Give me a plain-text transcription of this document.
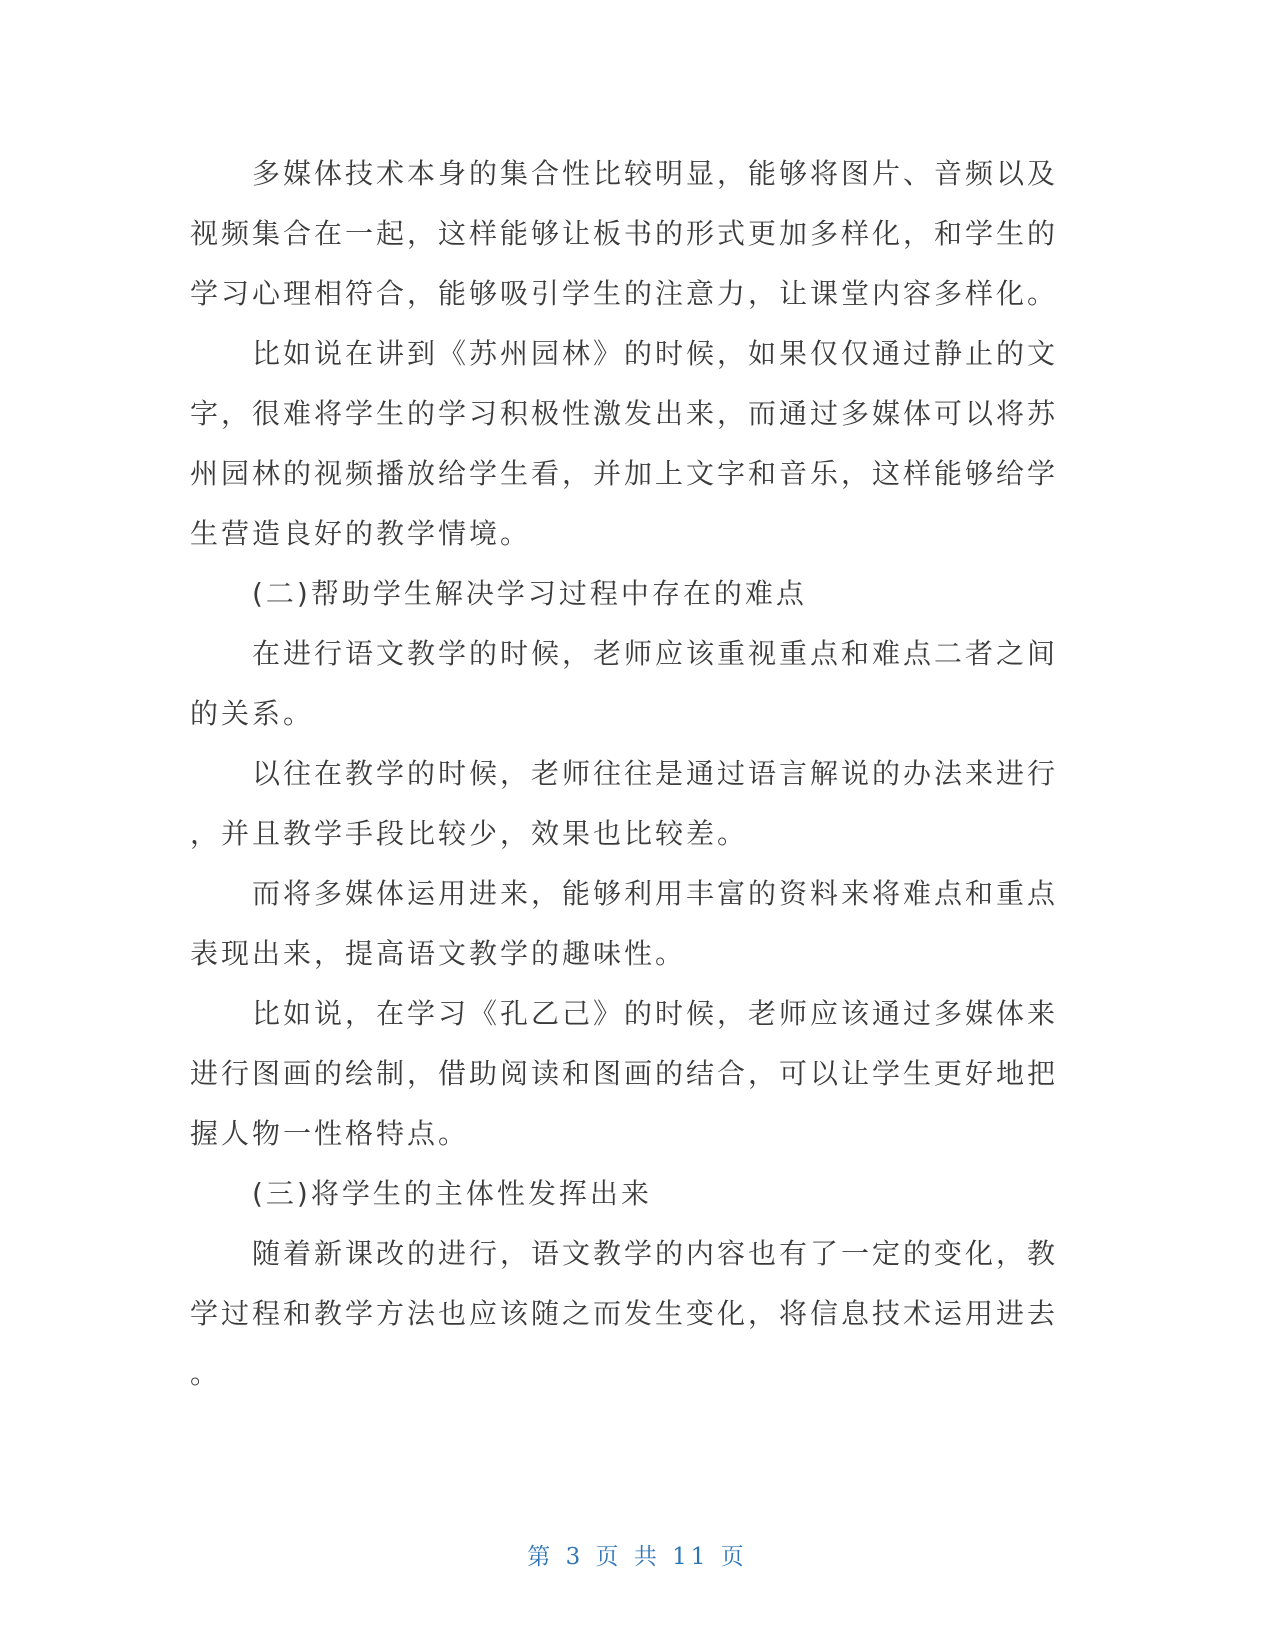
多媒体技术本身的集合性比较明显，能够将图片、音频以及
视频集合在一起，这样能够让板书的形式更加多样化，和学生的
学习心理相符合，能够吸引学生的注意力，让课堂内容多样化。

比如说在讲到《苏州园林》的时候，如果仅仅通过静止的文
字，很难将学生的学习积极性激发出来，而通过多媒体可以将苏
州园林的视频播放给学生看，并加上文字和音乐，这样能够给学
生营造良好的教学情境。

(二)帮助学生解决学习过程中存在的难点

在进行语文教学的时候，老师应该重视重点和难点二者之间
的关系。

以往在教学的时候，老师往往是通过语言解说的办法来进行
，并且教学手段比较少，效果也比较差。

而将多媒体运用进来，能够利用丰富的资料来将难点和重点
表现出来，提高语文教学的趣味性。

比如说，在学习《孔乙己》的时候，老师应该通过多媒体来
进行图画的绘制，借助阅读和图画的结合，可以让学生更好地把
握人物一性格特点。

(三)将学生的主体性发挥出来

随着新课改的进行，语文教学的内容也有了一定的变化，教
学过程和教学方法也应该随之而发生变化，将信息技术运用进去
。

第 3 页 共 11 页
